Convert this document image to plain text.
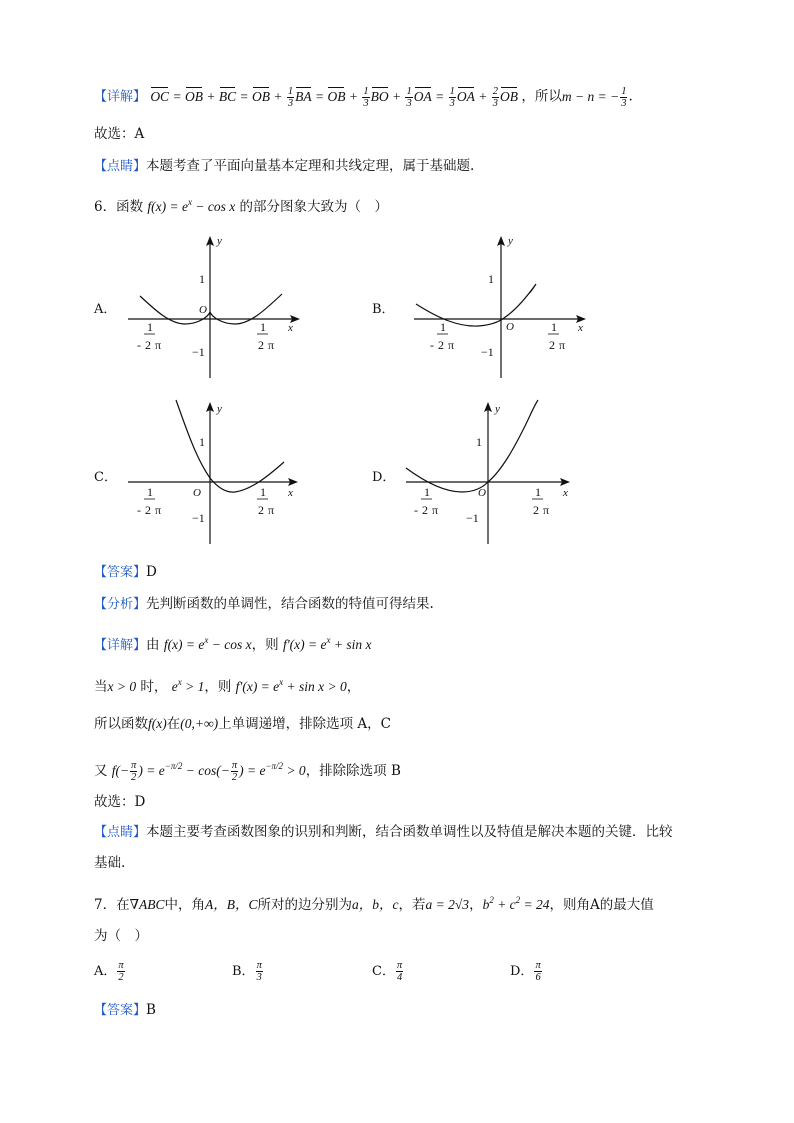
【详解】 OC = OB + BC = OB + $\frac{1}{3}$ BA = OB + $\frac{1}{3}$ BO + $\frac{1}{3}$ OA = $\frac{1}{3}$ OA + $\frac{2}{3}$ OB ，所以m − n = − $\frac{1}{3}$ .
故选：A
【点睛】本题考查了平面向量基本定理和共线定理，属于基础题.
6．函数 $f(x) = e^x - \cos x$ 的部分图象大致为（　）
A．	B．
C．	D．
y
1
O
−1
x
1
- 2 π
1
2 π
y
1
O
−1
x
1
- 2 π
1
2 π
y
1
O
−1
x
1
- 2 π
1
2 π
y
1
O
−1
x
1
- 2 π
1
2 π
【答案】D
【分析】先判断函数的单调性，结合函数的特值可得结果.
【详解】由 $f(x) = e^x - \cos x$，则 $f'(x) = e^x + \sin x$
当x > 0 时， $e^x > 1$，则 $f'(x) = e^x + \sin x > 0$，
所以函数f(x)在(0,+∞)上单调递增，排除选项 A，C
又 $f(- \frac{\pi}{2}$ ) = $e^{-\pi/2} - \cos(- \frac{\pi}{2}$ ) = $e^{-\pi/2} > 0$，排除除选项 B
故选：D
【点睛】本题主要考查函数图象的识别和判断，结合函数单调性以及特值是解决本题的关键．比较
基础.
7．在∇ABC中，角A，B，C所对的边分别为a，b，c，若a = 2√3，$b^2 + c^2 = 24$，则角A的最大值
为（　）
A． $\frac{\pi}{2}$	B． $\frac{\pi}{3}$	C． $\frac{\pi}{4}$	D． $\frac{\pi}{6}$
【答案】B
